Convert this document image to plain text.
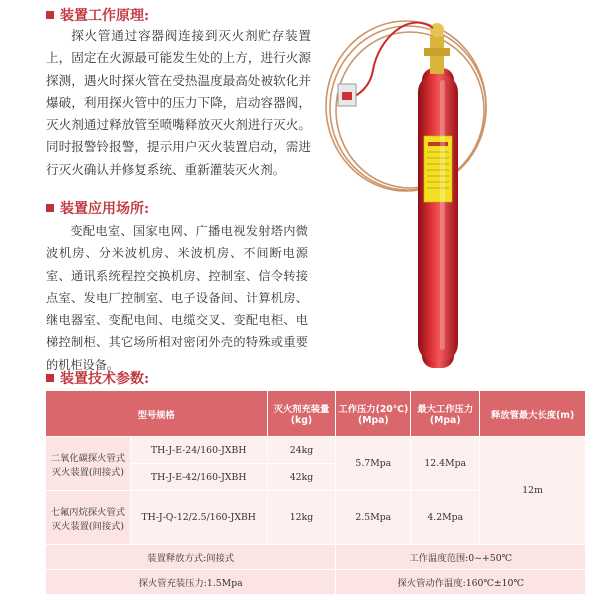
装置工作原理:

探火管通过容器阀连接到灭火剂贮存装置上，固定在火源最可能发生处的上方，进行火源探测，遇火时探火管在受热温度最高处被软化并爆破，利用探火管中的压力下降，启动容器阀，灭火剂通过释放管至喷嘴释放灭火剂进行灭火。同时报警铃报警，提示用户灭火装置启动，需进行灭火确认并修复系统、重新灌装灭火剂。

装置应用场所:

变配电室、国家电网、广播电视发射塔内微波机房、分米波机房、米波机房、不间断电源室、通讯系统程控交换机房、控制室、信令转接点室、发电厂控制室、电子设备间、计算机房、继电器室、变配电间、电缆交叉、变配电柜、电梯控制柜、其它场所相对密闭外壳的特殊或重要的机柜设备。

装置技术参数:
型号规格		灭火剂充装量(kg)	工作压力(20℃)(Mpa)	最大工作压力(Mpa)	释放管最大长度(m)
二氧化碳探火管式灭火装置(间接式)	TH-J-E-24/160-JXBH	24kg	5.7Mpa	12.4Mpa	12m
	TH-J-E-42/160-JXBH	42kg			
七氟丙烷探火管式灭火装置(间接式)	TH-J-Q-12/2.5/160-JXBH	12kg	2.5Mpa	4.2Mpa	
装置释放方式:间接式			工作温度范围:0~+50℃		
探火管充装压力:1.5Mpa			探火管动作温度:160℃±10℃		
